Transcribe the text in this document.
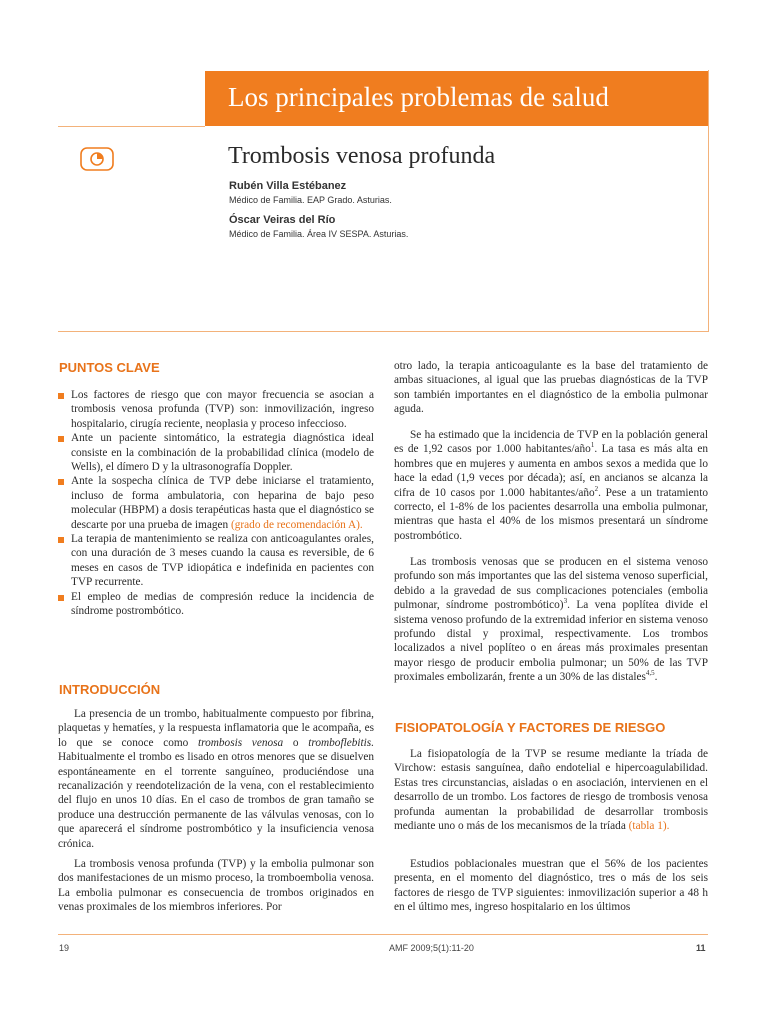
Los principales problemas de salud
Trombosis venosa profunda
Rubén Villa Estébanez
Médico de Familia. EAP Grado. Asturias.
Óscar Veiras del Río
Médico de Familia. Área IV SESPA. Asturias.
PUNTOS CLAVE
Los factores de riesgo que con mayor frecuencia se asocian a trombosis venosa profunda (TVP) son: inmovilización, ingreso hospitalario, cirugía reciente, neoplasia y proceso infeccioso.
Ante un paciente sintomático, la estrategia diagnóstica ideal consiste en la combinación de la probabilidad clínica (modelo de Wells), el dímero D y la ultrasonografía Doppler.
Ante la sospecha clínica de TVP debe iniciarse el tratamiento, incluso de forma ambulatoria, con heparina de bajo peso molecular (HBPM) a dosis terapéuticas hasta que el diagnóstico se descarte por una prueba de imagen (grado de recomendación A).
La terapia de mantenimiento se realiza con anticoagulantes orales, con una duración de 3 meses cuando la causa es reversible, de 6 meses en casos de TVP idiopática e indefinida en pacientes con TVP recurrente.
El empleo de medias de compresión reduce la incidencia de síndrome postrombótico.
INTRODUCCIÓN

La presencia de un trombo, habitualmente compuesto por fibrina, plaquetas y hematíes, y la respuesta inflamatoria que le acompaña, es lo que se conoce como trombosis venosa o tromboflebitis. Habitualmente el trombo es lisado en otros menores que se disuelven espontáneamente en el torrente sanguíneo, produciéndose una recanalización y reendotelización de la vena, con el restablecimiento del flujo en unos 10 días. En el caso de trombos de gran tamaño se produce una destrucción permanente de las válvulas venosas, con lo que aparecerá el síndrome postrombótico y la insuficiencia venosa crónica.

La trombosis venosa profunda (TVP) y la embolia pulmonar son dos manifestaciones de un mismo proceso, la tromboembolia venosa. La embolia pulmonar es consecuencia de trombos originados en venas proximales de los miembros inferiores. Por

otro lado, la terapia anticoagulante es la base del tratamiento de ambas situaciones, al igual que las pruebas diagnósticas de la TVP son también importantes en el diagnóstico de la embolia pulmonar aguda.

Se ha estimado que la incidencia de TVP en la población general es de 1,92 casos por 1.000 habitantes/año$^1$. La tasa es más alta en hombres que en mujeres y aumenta en ambos sexos a medida que lo hace la edad (1,9 veces por década); así, en ancianos se alcanza la cifra de 10 casos por 1.000 habitantes/año$^2$. Pese a un tratamiento correcto, el 1-8% de los pacientes desarrolla una embolia pulmonar, mientras que hasta el 40% de los mismos presentará un síndrome postrombótico.

Las trombosis venosas que se producen en el sistema venoso profundo son más importantes que las del sistema venoso superficial, debido a la gravedad de sus complicaciones potenciales (embolia pulmonar, síndrome postrombótico)$^3$. La vena poplítea divide el sistema venoso profundo de la extremidad inferior en sistema venoso profundo distal y proximal, respectivamente. Los trombos localizados a nivel poplíteo o en áreas más proximales presentan mayor riesgo de producir embolia pulmonar; un 50% de las TVP proximales embolizarán, frente a un 30% de las distales$^{4,5}$.

FISIOPATOLOGÍA Y FACTORES DE RIESGO

La fisiopatología de la TVP se resume mediante la tríada de Virchow: estasis sanguínea, daño endotelial e hipercoagulabilidad. Estas tres circunstancias, aisladas o en asociación, intervienen en el desarrollo de un trombo. Los factores de riesgo de trombosis venosa profunda aumentan la probabilidad de desarrollar trombosis mediante uno o más de los mecanismos de la tríada (tabla 1).

Estudios poblacionales muestran que el 56% de los pacientes presenta, en el momento del diagnóstico, tres o más de los seis factores de riesgo de TVP siguientes: inmovilización superior a 48 h en el último mes, ingreso hospitalario en los últimos

19	AMF 2009;5(1):11-20	11
